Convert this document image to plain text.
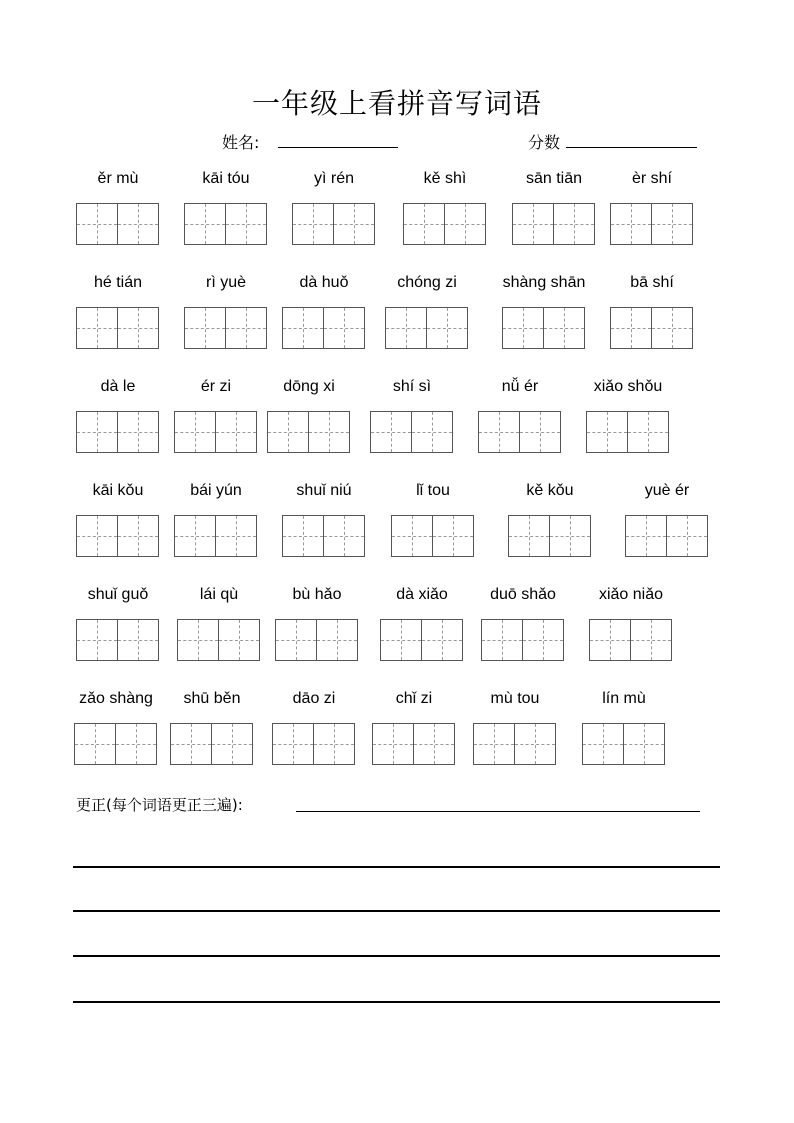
一年级上看拼音写词语
姓名:	分数
ěr mù	kāi tóu	yì rén	kě shì	sān tiān	èr shí
hé tián	rì yuè	dà huǒ	chóng zi	shàng shān	bā shí
dà le	ér zi	dōng xi	shí sì	nǚ ér	xiǎo shǒu
kāi kǒu	bái yún	shuǐ niú	lǐ tou	kě kǒu	yuè ér
shuǐ guǒ	lái qù	bù hǎo	dà xiǎo	duō shǎo	xiǎo niǎo
zǎo shàng	shū běn	dāo zi	chǐ zi	mù tou	lín mù
更正(每个词语更正三遍):
